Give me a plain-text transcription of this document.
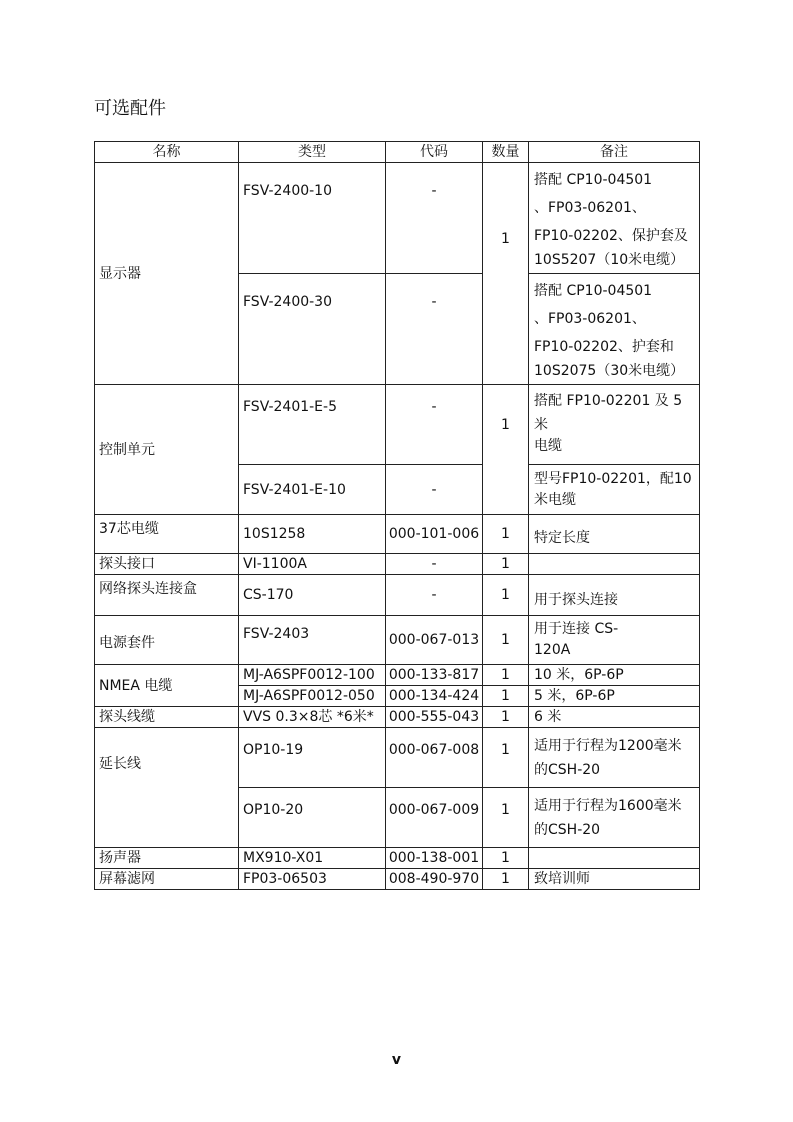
可选配件
名称	类型	代码	数量	备注
显示器	FSV-2400-10	-	1	搭配 CP10-04501
、FP03-06201、
FP10-02202、保护套及
10S5207（10米电缆）

	FSV-2400-30	-		搭配 CP10-04501
、FP03-06201、
FP10-02202、护套和
10S2075（30米电缆）

控制单元	FSV-2401-E-5	-	1	搭配 FP10-02201 及 5
米
电缆

	FSV-2401-E-10	-		型号FP10-02201，配10
米电缆

37芯电缆	10S1258	000-101-006	1	特定长度
探头接口	VI-1100A	-	1	
网络探头连接盒	CS-170	-	1	用于探头连接
电源套件	FSV-2403	000-067-013	1	用于连接 CS-
120A

NMEA 电缆	MJ-A6SPF0012-100	000-133-817	1	10 米，6P-6P
	MJ-A6SPF0012-050	000-134-424	1	5 米，6P-6P
探头线缆	VVS 0.3×8芯 *6米*	000-555-043	1	6 米
延长线	OP10-19	000-067-008	1	适用于行程为1200毫米
的CSH-20

	OP10-20	000-067-009	1	适用于行程为1600毫米
的CSH-20

扬声器	MX910-X01	000-138-001	1	
屏幕滤网	FP03-06503	008-490-970	1	致培训师
v
